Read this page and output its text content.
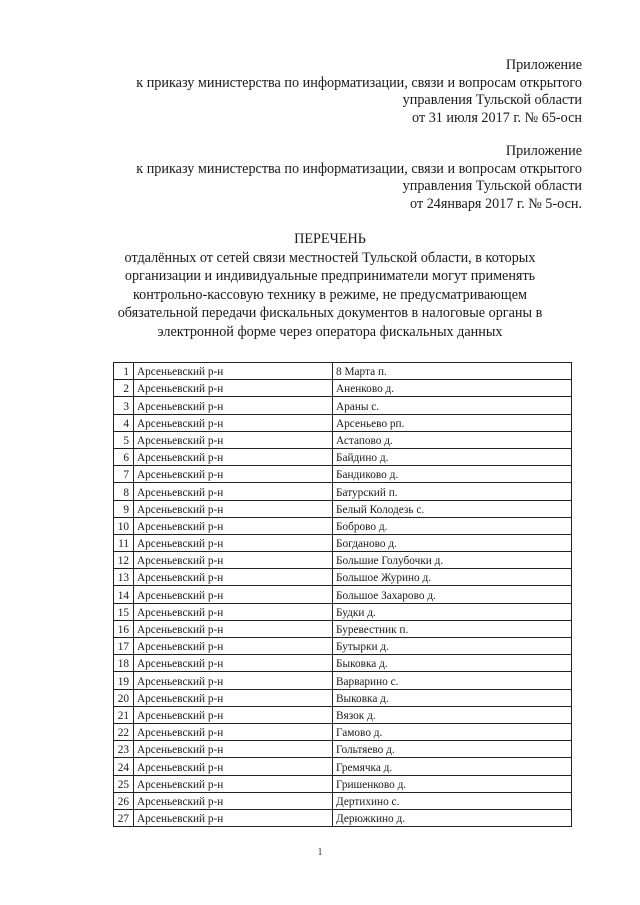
Приложение
к приказу министерства по информатизации, связи и вопросам открытого
управления Тульской области
от 31 июля 2017 г. № 65-осн
Приложение
к приказу министерства по информатизации, связи и вопросам открытого
управления Тульской области
от 24января 2017 г. № 5-осн.
ПЕРЕЧЕНЬ
отдалённых от сетей связи местностей Тульской области, в которых
организации и индивидуальные предприниматели могут применять
контрольно-кассовую технику в режиме, не предусматривающем
обязательной передачи фискальных документов в налоговые органы в
электронной форме через оператора фискальных данных
1	Арсеньевский р-н	8 Марта п.
2	Арсеньевский р-н	Аненково д.
3	Арсеньевский р-н	Араны с.
4	Арсеньевский р-н	Арсеньево рп.
5	Арсеньевский р-н	Астапово д.
6	Арсеньевский р-н	Байдино д.
7	Арсеньевский р-н	Бандиково д.
8	Арсеньевский р-н	Батурский п.
9	Арсеньевский р-н	Белый Колодезь с.
10	Арсеньевский р-н	Боброво д.
11	Арсеньевский р-н	Богданово д.
12	Арсеньевский р-н	Большие Голубочки д.
13	Арсеньевский р-н	Большое Журино д.
14	Арсеньевский р-н	Большое Захарово д.
15	Арсеньевский р-н	Будки д.
16	Арсеньевский р-н	Буревестник п.
17	Арсеньевский р-н	Бутырки д.
18	Арсеньевский р-н	Быковка д.
19	Арсеньевский р-н	Варварино с.
20	Арсеньевский р-н	Выковка д.
21	Арсеньевский р-н	Вязок д.
22	Арсеньевский р-н	Гамово д.
23	Арсеньевский р-н	Гольтяево д.
24	Арсеньевский р-н	Гремячка д.
25	Арсеньевский р-н	Гришенково д.
26	Арсеньевский р-н	Дертихино с.
27	Арсеньевский р-н	Дерюжкино д.
1
